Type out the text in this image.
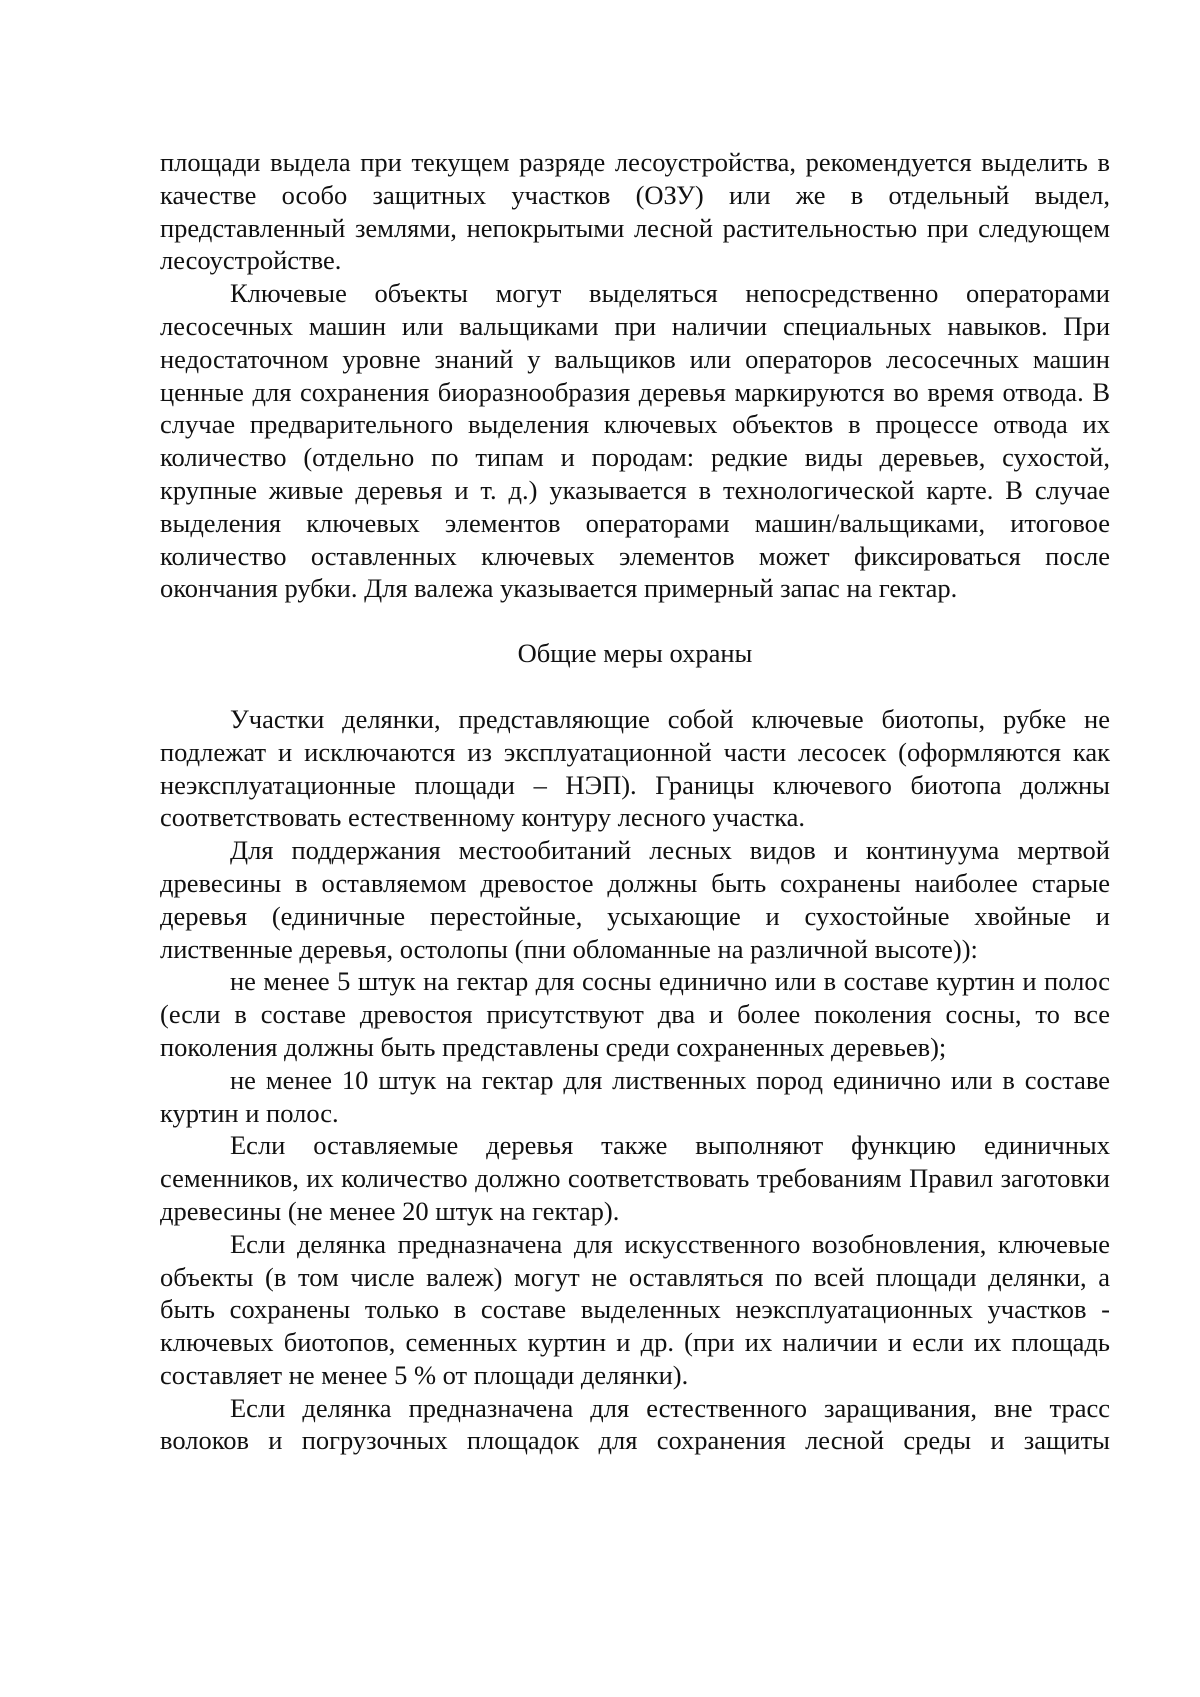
площади выдела при текущем разряде лесоустройства, рекомендуется выделить в качестве особо защитных участков (ОЗУ) или же в отдельный выдел, представленный землями, непокрытыми лесной растительностью при следующем лесоустройстве.

Ключевые объекты могут выделяться непосредственно операторами лесосечных машин или вальщиками при наличии специальных навыков. При недостаточном уровне знаний у вальщиков или операторов лесосечных машин ценные для сохранения биоразнообразия деревья маркируются во время отвода. В случае предварительного выделения ключевых объектов в процессе отвода их количество (отдельно по типам и породам: редкие виды деревьев, сухостой, крупные живые деревья и т. д.) указывается в технологической карте. В случае выделения ключевых элементов операторами машин/вальщиками, итоговое количество оставленных ключевых элементов может фиксироваться после окончания рубки. Для валежа указывается примерный запас на гектар.

Общие меры охраны

Участки делянки, представляющие собой ключевые биотопы, рубке не подлежат и исключаются из эксплуатационной части лесосек (оформляются как неэксплуатационные площади – НЭП). Границы ключевого биотопа должны соответствовать естественному контуру лесного участка.

Для поддержания местообитаний лесных видов и континуума мертвой древесины в оставляемом древостое должны быть сохранены наиболее старые деревья (единичные перестойные, усыхающие и сухостойные хвойные и лиственные деревья, остолопы (пни обломанные на различной высоте)):

не менее 5 штук на гектар для сосны единично или в составе куртин и полос (если в составе древостоя присутствуют два и более поколения сосны, то все поколения должны быть представлены среди сохраненных деревьев);

не менее 10 штук на гектар для лиственных пород единично или в составе куртин и полос.

Если оставляемые деревья также выполняют функцию единичных семенников, их количество должно соответствовать требованиям Правил заготовки древесины (не менее 20 штук на гектар).

Если делянка предназначена для искусственного возобновления, ключевые объекты (в том числе валеж) могут не оставляться по всей площади делянки, а быть сохранены только в составе выделенных неэксплуатационных участков - ключевых биотопов, семенных куртин и др. (при их наличии и если их площадь составляет не менее 5 % от площади делянки).

Если делянка предназначена для естественного заращивания, вне трасс волоков и погрузочных площадок для сохранения лесной среды и защиты
